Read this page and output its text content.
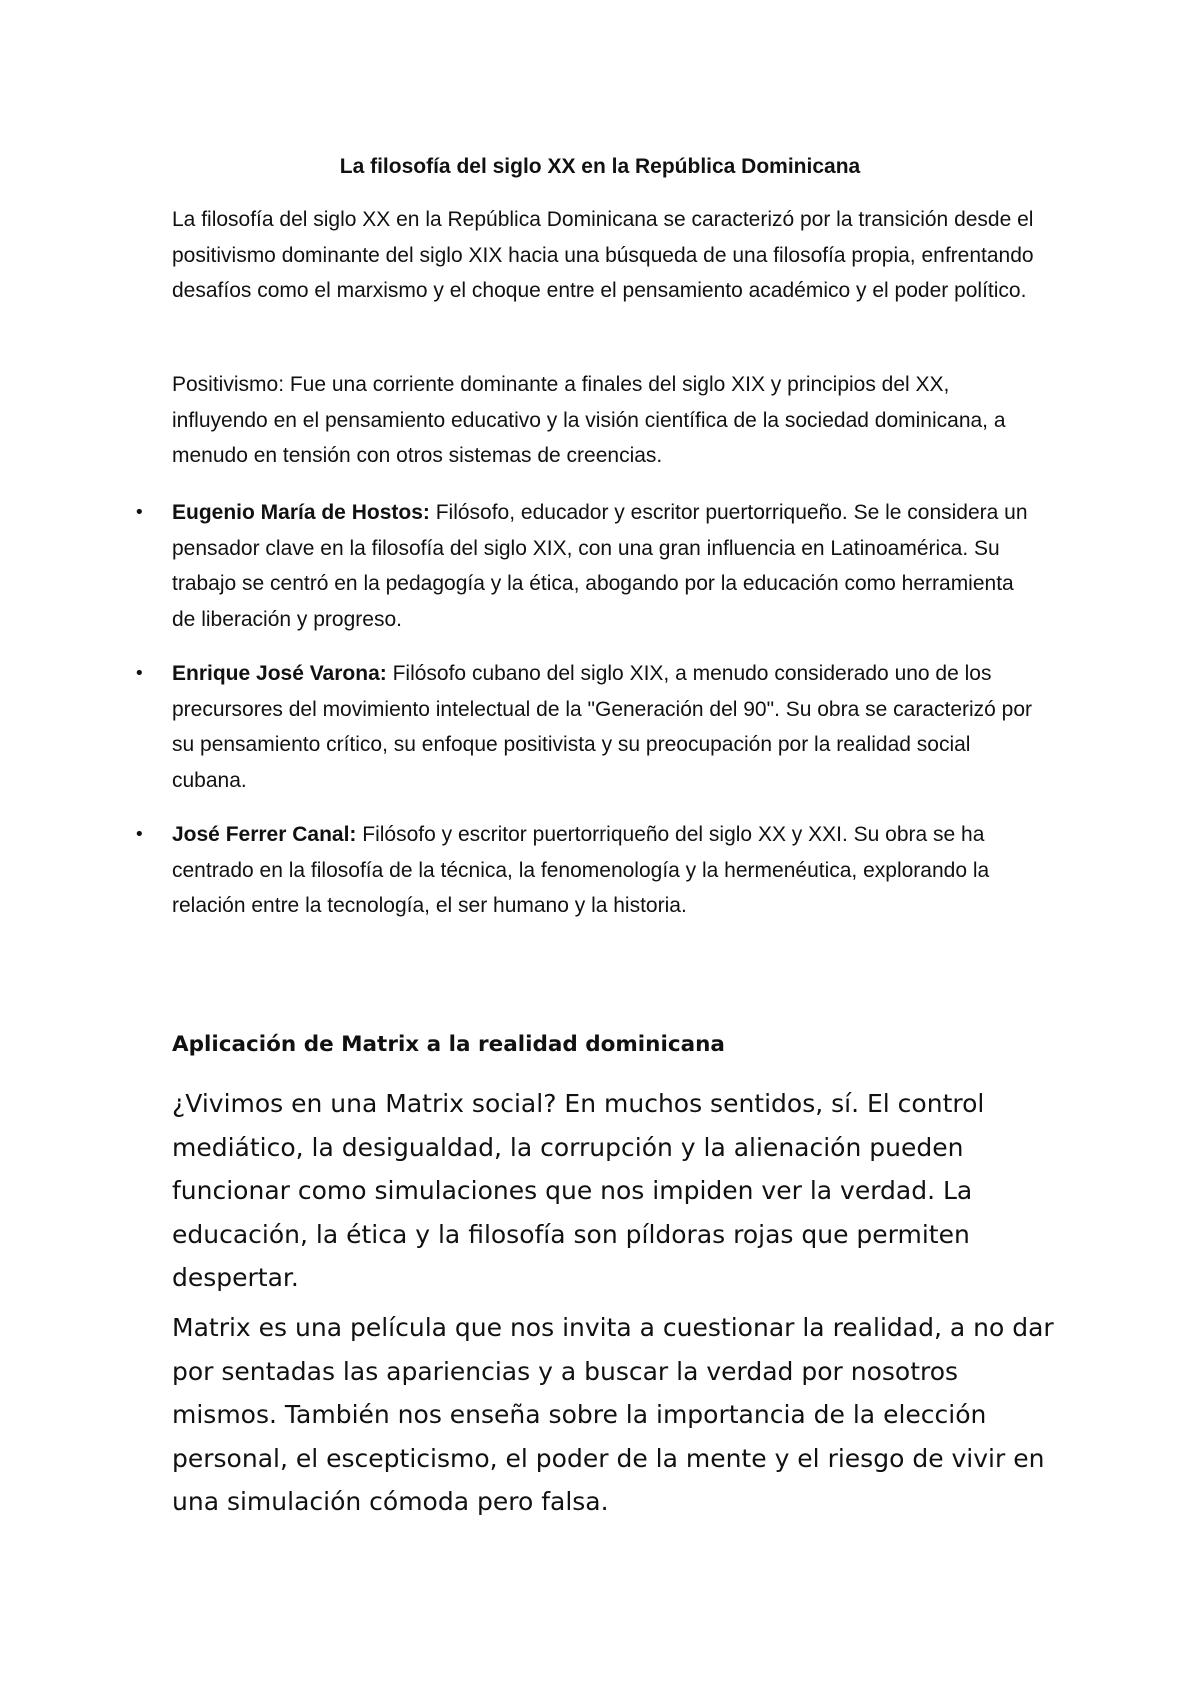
La filosofía del siglo XX en la República Dominicana

La filosofía del siglo XX en la República Dominicana se caracterizó por la transición desde el positivismo dominante del siglo XIX hacia una búsqueda de una filosofía propia, enfrentando desafíos como el marxismo y el choque entre el pensamiento académico y el poder político.

Positivismo: Fue una corriente dominante a finales del siglo XIX y principios del XX, influyendo en el pensamiento educativo y la visión científica de la sociedad dominicana, a menudo en tensión con otros sistemas de creencias.

• Eugenio María de Hostos: Filósofo, educador y escritor puertorriqueño. Se le considera un pensador clave en la filosofía del siglo XIX, con una gran influencia en Latinoamérica. Su trabajo se centró en la pedagogía y la ética, abogando por la educación como herramienta de liberación y progreso.
• Enrique José Varona: Filósofo cubano del siglo XIX, a menudo considerado uno de los precursores del movimiento intelectual de la "Generación del 90". Su obra se caracterizó por su pensamiento crítico, su enfoque positivista y su preocupación por la realidad social cubana.
• José Ferrer Canal: Filósofo y escritor puertorriqueño del siglo XX y XXI. Su obra se ha centrado en la filosofía de la técnica, la fenomenología y la hermenéutica, explorando la relación entre la tecnología, el ser humano y la historia.
Aplicación de Matrix a la realidad dominicana

¿Vivimos en una Matrix social? En muchos sentidos, sí. El control mediático, la desigualdad, la corrupción y la alienación pueden funcionar como simulaciones que nos impiden ver la verdad. La educación, la ética y la filosofía son píldoras rojas que permiten despertar.

Matrix es una película que nos invita a cuestionar la realidad, a no dar por sentadas las apariencias y a buscar la verdad por nosotros mismos. También nos enseña sobre la importancia de la elección personal, el escepticismo, el poder de la mente y el riesgo de vivir en una simulación cómoda pero falsa.
